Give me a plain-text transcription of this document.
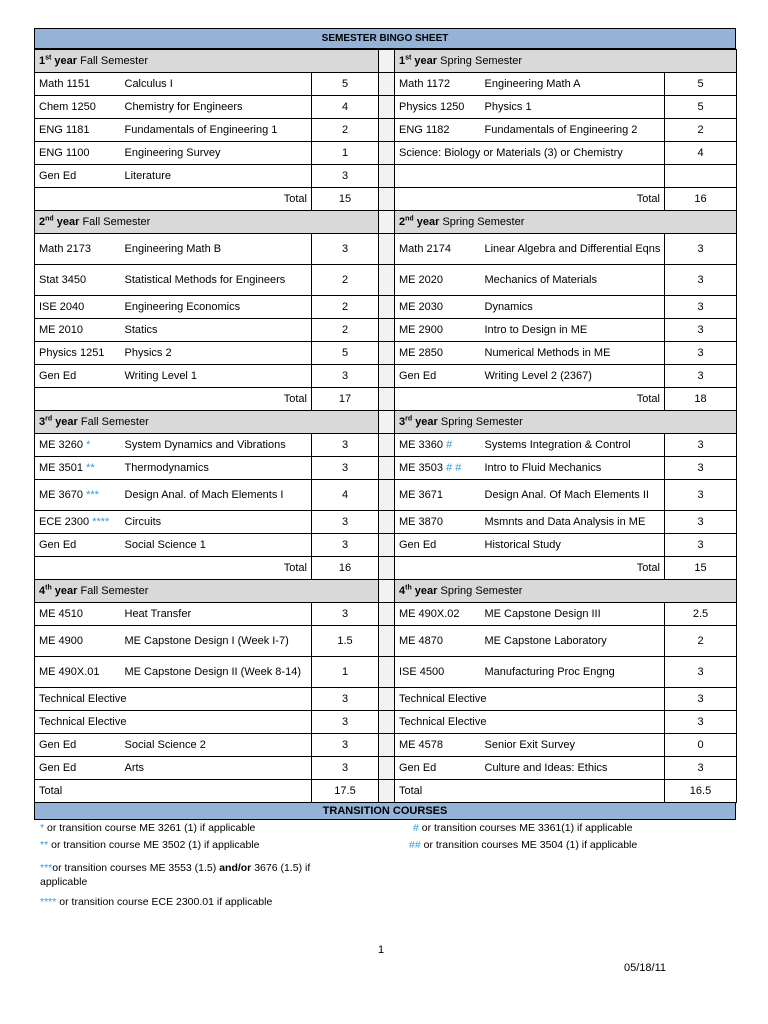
SEMESTER BINGO SHEET
1st year Fall Semester				1st year Spring Semester		
Math 1151	Calculus I	5		Math 1172	Engineering Math A	5
Chem 1250	Chemistry for Engineers	4		Physics 1250	Physics 1	5
ENG 1181	Fundamentals of Engineering 1	2		ENG 1182	Fundamentals of Engineering 2	2
ENG 1100	Engineering Survey	1		Science: Biology or Materials (3) or Chemistry		4
Gen Ed	Literature	3				
Total		15		Total		16
2nd year Fall Semester				2nd year Spring Semester		
Math 2173	Engineering Math B	3		Math 2174	Linear Algebra and Differential Eqns	3
Stat 3450	Statistical Methods for Engineers	2		ME 2020	Mechanics of Materials	3
ISE 2040	Engineering Economics	2		ME 2030	Dynamics	3
ME 2010	Statics	2		ME 2900	Intro to Design in ME	3
Physics 1251	Physics 2	5		ME 2850	Numerical Methods in ME	3
Gen Ed	Writing Level 1	3		Gen Ed	Writing Level 2 (2367)	3
Total		17		Total		18
3rd year Fall Semester				3rd year Spring Semester		
ME 3260 *	System Dynamics and Vibrations	3		ME 3360 #	Systems Integration & Control	3
ME 3501 **	Thermodynamics	3		ME 3503 # #	Intro to Fluid Mechanics	3
ME 3670 ***	Design Anal. of Mach Elements I	4		ME 3671	Design Anal. Of Mach Elements II	3
ECE 2300 ****	Circuits	3		ME 3870	Msmnts and Data Analysis in ME	3
Gen Ed	Social Science 1	3		Gen Ed	Historical Study	3
Total		16		Total		15
4th year Fall Semester				4th year Spring Semester		
ME 4510	Heat Transfer	3		ME 490X.02	ME Capstone Design III	2.5
ME 4900	ME Capstone Design I (Week I-7)	1.5		ME 4870	ME Capstone Laboratory	2
ME 490X.01	ME Capstone Design II (Week 8-14)	1		ISE 4500	Manufacturing Proc Engng	3
Technical Elective		3		Technical Elective		3
Technical Elective		3		Technical Elective		3
Gen Ed	Social Science 2	3		ME 4578	Senior Exit Survey	0
Gen Ed	Arts	3		Gen Ed	Culture and Ideas: Ethics	3
Total		17.5		Total		16.5
TRANSITION COURSES
* or transition course ME 3261 (1) if applicable
** or transition course ME 3502 (1) if applicable
***or transition courses ME 3553 (1.5) and/or 3676 (1.5) if applicable
**** or transition course ECE 2300.01 if applicable
# or transition courses ME 3361(1) if applicable
## or transition courses ME 3504 (1) if applicable
1
05/18/11
